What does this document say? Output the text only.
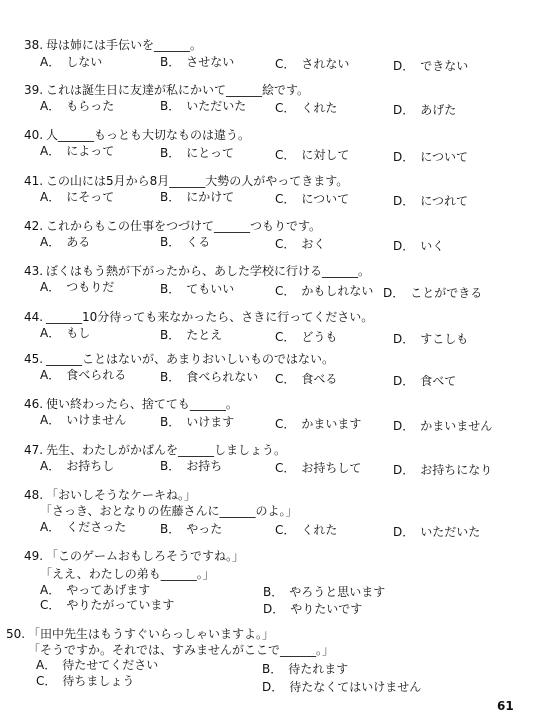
38. 母は姉には手伝いを______。
A． しない	B． させない	C． されない	D． できない
39. これは誕生日に友達が私にかいて______絵です。
A． もらった	B． いただいた C． くれた	D． あげた
40. 人______もっとも大切なものは違う。
A． によって	B． にとって	C． に対して	D． について
41. この山には5月から8月______大勢の人がやってきます。
A． にそって	B． にかけて	C． について	D． につれて
42. これからもこの仕事をつづけて______つもりです。
A． ある	B． くる	C． おく	D． いく
43. ぼくはもう熱が下がったから、あした学校に行ける______。
A． つもりだ	B． てもいい	C． かもしれない D． ことができる
44. ______10分待っても来なかったら、さきに行ってください。
A． もし	B． たとえ	C． どうも	D． すこしも
45. ______ことはないが、あまりおいしいものではない。
A． 食べられる	B． 食べられない C． 食べる	D． 食べて
46. 使い終わったら、捨てても______。
A． いけません	B． いけます	C． かまいます	D． かまいません
47. 先生、わたしがかばんを______しましょう。
A． お持ちし	B． お持ち	C． お持ちして	D． お持ちになり
48. 「おいしそうなケーキね。」
「さっき、おとなりの佐藤さんに______のよ。」
A． くださった	B． やった	C． くれた	D． いただいた
49. 「このゲームおもしろそうですね。」
「ええ、わたしの弟も______。」
A． やってあげます	B． やろうと思います
C． やりたがっています	D． やりたいです
50. 「田中先生はもうすぐいらっしゃいますよ。」
「そうですか。それでは、すみませんがここで______。」
A． 待たせてください	B． 待たれます
C． 待ちましょう	D． 待たなくてはいけません
61
